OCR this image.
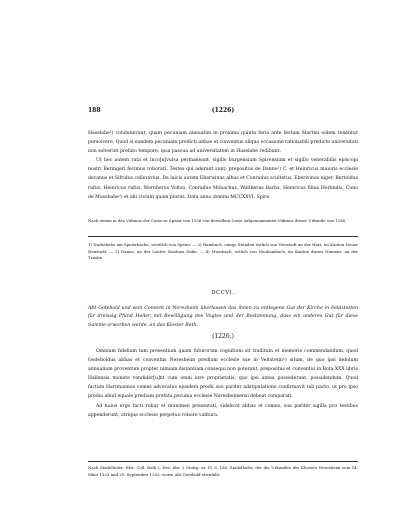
188	(1226)

Haselahe¹) condunerunt, quam pecuniam annuatim in proxima quinta feria ante festum Martini eidem tenentur persolvere. Quod si eandem pecuniam predicti abbas et conventus aliqua occasione rationabili predicte universitati non solverint prefato tempore, ipsa pascua ad universitatem in Haselahe redibunt.

Ut hec autem rata et inco[n]vulsa permaneant, sigillo burgensium Spirensium et sigillo venerabilis episcopi nostri Beringeri fecimus roborari. Testes qui aderant sunt: prepositus de Danne²) C. et Heinricus maioris ecclesie decanus et Sifridus cellerarius. De laicis autem Eberwinus albus et Conradus scultetus, Eberwinus niger, Bertoldus rufus, Heinricus rufus, Wernherus Voltzo, Conradus Mönachus, Waltherus Barba, Heinricus filius Herlindis, Cuno de Mussbahe³) et alii civium quam plures. Data anno domini MCCXXVI, Spire.

Nach einem in das Vidimus der Curie zu Speier von 1326 von derselben Curie aufgenommenen Vidimus dieser Urkunde von 1284.

1) Ducksbuhe am Speierbache, westlich von Speier. — 2) Hambach, einige Stunden östlich von Neustadt an der Hart, im Kanton Neuer Neustadt. — 3) Danne, an der Lauter, Kantons Dahn. — 4) Mussbach, östlich von Neuhambach, im Kanton dieses Namens, an der Traube.

DCCVI.

Abt Gotebold und sein Convent in Neresheim überlassen das ihnen zu entlegene Gut der Kirche in Feldstetten für dreissig Pfund Heller, mit Bewilligung des Vogtes und der Bestimmung, dass ein anderes Gut für diese Summe erworben werde, an das Kloster Roth.

(1226.)

Omnium fidelium tam presentium quam futurorum cognitioni sit traditum et memorie commendandum, quod Godeboldus abbas et conventus Neresheim predium ecclesie sue in Veltstetin¹) situm, de quo ipsi debitum annualium proventum propter nimiam distantiam consequi non poterant, prepositus et conventui in Rota XXX libris Hallensis monete vendider[u]nt cum omni iure proprietatis, quo ipsi antea possederant, possidendum. Quod factum Hartmannus comes advocatus ejusdem predii suo pariter adstipulatione confirmavit tali pacto, ut pro ipso predio aliud equale predium prefata pecunia ecclesie Neresheimensi debeat comparari.

Ad huius ergo facti robur et munimen presentati, videlicet abbas et comes, sua pariter sigilla pro testibus appenderunt, utrique ecclesie perpetuo robore valitura.

Nach Stadelhofer, Hist. Coll. Roth I, Dec. libr. 2 Stuttg. ar. IV, S. 180. Stadelhofer, der die Urkunden des Klosters Neresheim vom 14. März 1333 und 25. September 1335, worin Abt Gotebold ebenfalls
